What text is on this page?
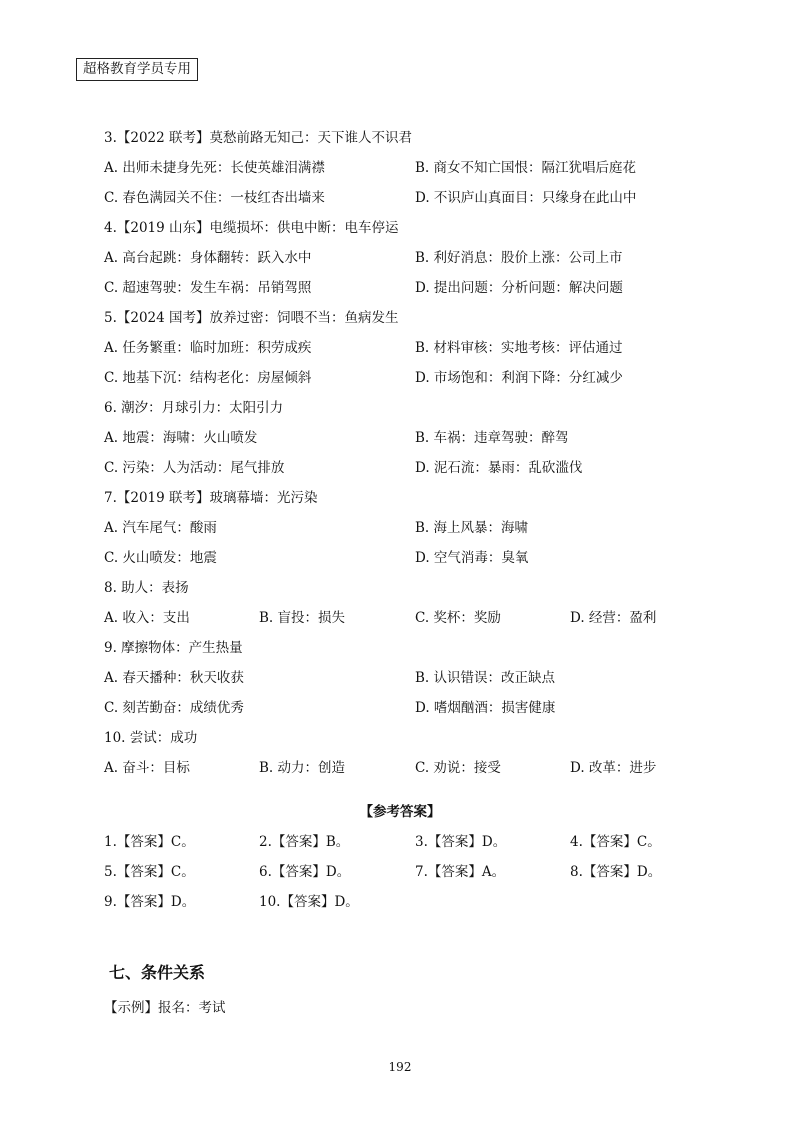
超格教育学员专用
3.【2022 联考】莫愁前路无知己：天下谁人不识君
A. 出师未捷身先死：长使英雄泪满襟	B. 商女不知亡国恨：隔江犹唱后庭花
C. 春色满园关不住：一枝红杏出墙来	D. 不识庐山真面目：只缘身在此山中
4.【2019 山东】电缆损坏：供电中断：电车停运
A. 高台起跳：身体翻转：跃入水中	B. 利好消息：股价上涨：公司上市
C. 超速驾驶：发生车祸：吊销驾照	D. 提出问题：分析问题：解决问题
5.【2024 国考】放养过密：饲喂不当：鱼病发生
A. 任务繁重：临时加班：积劳成疾	B. 材料审核：实地考核：评估通过
C. 地基下沉：结构老化：房屋倾斜	D. 市场饱和：利润下降：分红减少
6. 潮汐：月球引力：太阳引力
A. 地震：海啸：火山喷发	B. 车祸：违章驾驶：醉驾
C. 污染：人为活动：尾气排放	D. 泥石流：暴雨：乱砍滥伐
7.【2019 联考】玻璃幕墙：光污染
A. 汽车尾气：酸雨	B. 海上风暴：海啸
C. 火山喷发：地震	D. 空气消毒：臭氧
8. 助人：表扬
A. 收入：支出	B. 盲投：损失	C. 奖杯：奖励	D. 经营：盈利
9. 摩擦物体：产生热量
A. 春天播种：秋天收获	B. 认识错误：改正缺点
C. 刻苦勤奋：成绩优秀	D. 嗜烟酗酒：损害健康
10. 尝试：成功
A. 奋斗：目标	B. 动力：创造	C. 劝说：接受	D. 改革：进步
【参考答案】
1.【答案】C。	2.【答案】B。	3.【答案】D。	4.【答案】C。
5.【答案】C。	6.【答案】D。	7.【答案】A。	8.【答案】D。
9.【答案】D。	10.【答案】D。
七、条件关系
【示例】报名：考试
192
